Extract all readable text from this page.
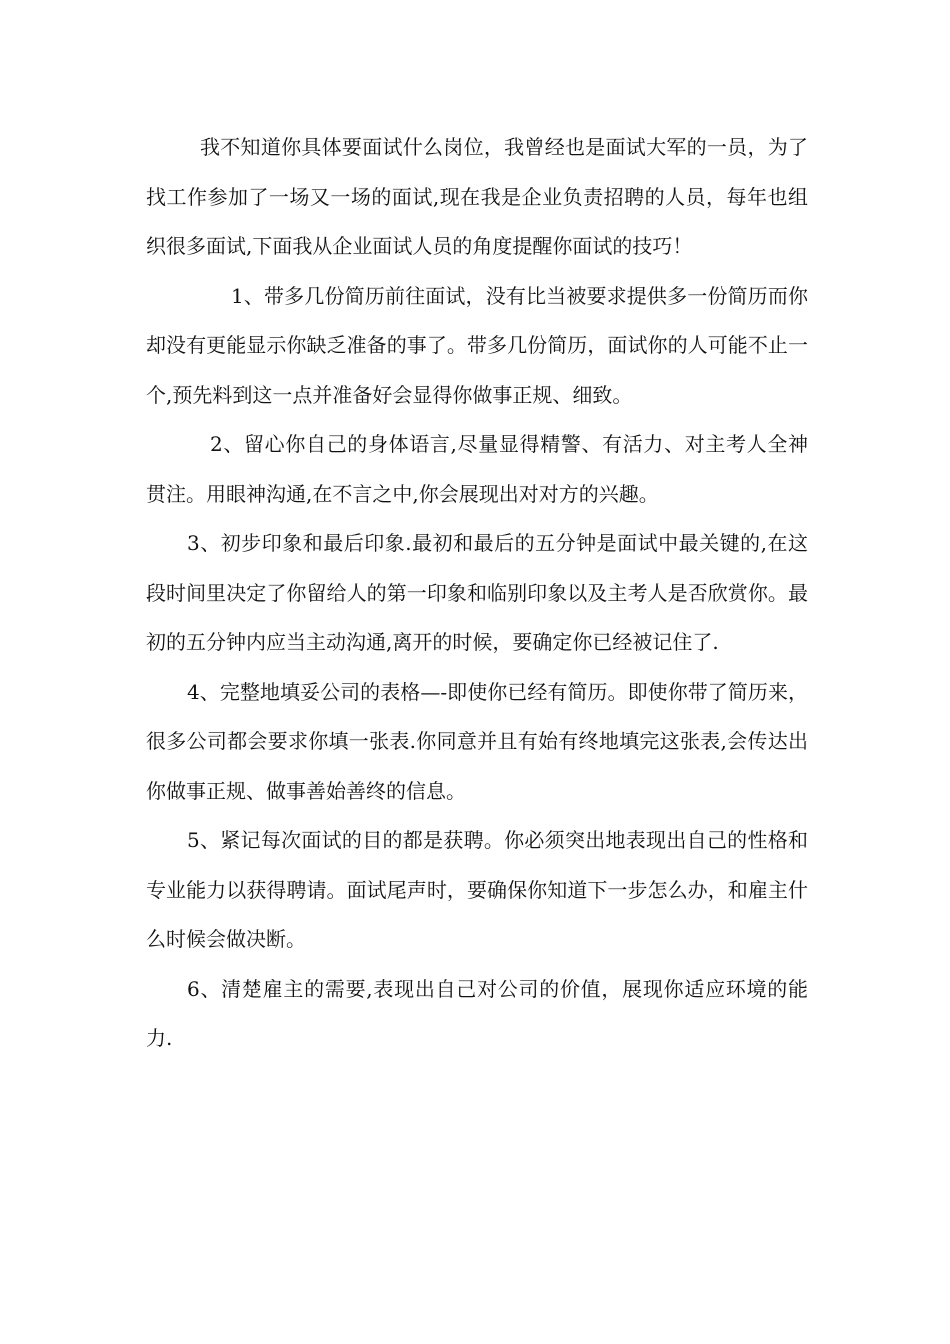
我不知道你具体要面试什么岗位，我曾经也是面试大军的一员，为了找工作参加了一场又一场的面试,现在我是企业负责招聘的人员，每年也组织很多面试,下面我从企业面试人员的角度提醒你面试的技巧！

1、带多几份简历前往面试，没有比当被要求提供多一份简历而你却没有更能显示你缺乏准备的事了。带多几份简历，面试你的人可能不止一个,预先料到这一点并准备好会显得你做事正规、细致。

2、留心你自己的身体语言,尽量显得精警、有活力、对主考人全神贯注。用眼神沟通,在不言之中,你会展现出对对方的兴趣。

3、初步印象和最后印象.最初和最后的五分钟是面试中最关键的,在这段时间里决定了你留给人的第一印象和临别印象以及主考人是否欣赏你。最初的五分钟内应当主动沟通,离开的时候，要确定你已经被记住了.

4、完整地填妥公司的表格—-即使你已经有简历。即使你带了简历来，很多公司都会要求你填一张表.你同意并且有始有终地填完这张表,会传达出你做事正规、做事善始善终的信息。

5、紧记每次面试的目的都是获聘。你必须突出地表现出自己的性格和专业能力以获得聘请。面试尾声时，要确保你知道下一步怎么办，和雇主什么时候会做决断。

6、清楚雇主的需要,表现出自己对公司的价值，展现你适应环境的能力.
